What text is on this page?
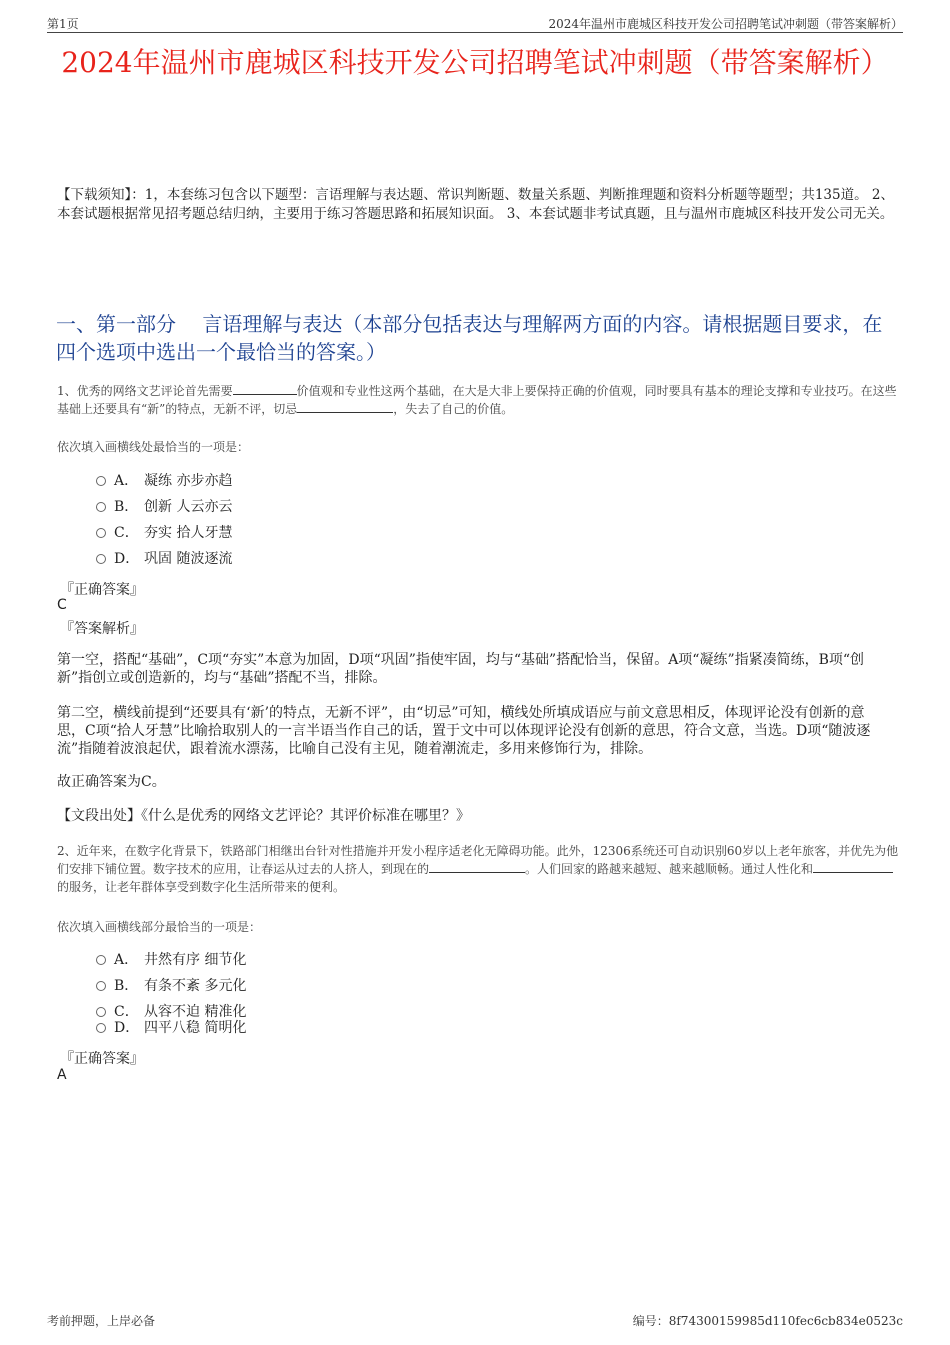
第1页	2024年温州市鹿城区科技开发公司招聘笔试冲刺题（带答案解析）
2024年温州市鹿城区科技开发公司招聘笔试冲刺题（带答案解析）
【下载须知】：1，本套练习包含以下题型：言语理解与表达题、常识判断题、数量关系题、判断推理题和资料分析题等题型；共135道。 2、本套试题根据常见招考题总结归纳，主要用于练习答题思路和拓展知识面。 3、本套试题非考试真题，且与温州市鹿城区科技开发公司无关。
一、第一部分　 言语理解与表达（本部分包括表达与理解两方面的内容。请根据题目要求，在四个选项中选出一个最恰当的答案。）
1、优秀的网络文艺评论首先需要	价值观和专业性这两个基础，在大是大非上要保持正确的价值观，同时要具有基本的理论支撑和专业技巧。在这些基础上还要具有“新”的特点，无新不评，切忌	，失去了自己的价值。
依次填入画横线处最恰当的一项是：
A． 凝练 亦步亦趋
B． 创新 人云亦云
C． 夯实 拾人牙慧
D． 巩固 随波逐流
『正确答案』
C
『答案解析』
第一空，搭配“基础”，C项“夯实”本意为加固，D项“巩固”指使牢固，均与“基础”搭配恰当，保留。A项“凝练”指紧凑简练，B项“创新”指创立或创造新的，均与“基础”搭配不当，排除。
第二空，横线前提到“还要具有‘新’的特点，无新不评”，由“切忌”可知，横线处所填成语应与前文意思相反，体现评论没有创新的意思，C项“拾人牙慧”比喻拾取别人的一言半语当作自己的话，置于文中可以体现评论没有创新的意思，符合文意，当选。D项“随波逐流”指随着波浪起伏，跟着流水漂荡，比喻自己没有主见，随着潮流走，多用来修饰行为，排除。
故正确答案为C。
【文段出处】《什么是优秀的网络文艺评论？其评价标准在哪里？》
2、近年来，在数字化背景下，铁路部门相继出台针对性措施并开发小程序适老化无障碍功能。此外，12306系统还可自动识别60岁以上老年旅客，并优先为他们安排下铺位置。数字技术的应用，让春运从过去的人挤人，到现在的	。人们回家的路越来越短、越来越顺畅。通过人性化和的服务，让老年群体享受到数字化生活所带来的便利。
依次填入画横线部分最恰当的一项是：
A． 井然有序 细节化
B． 有条不紊 多元化
C． 从容不迫 精准化
D． 四平八稳 简明化
『正确答案』
A
考前押题，上岸必备	编号：8f74300159985d110fec6cb834e0523c
